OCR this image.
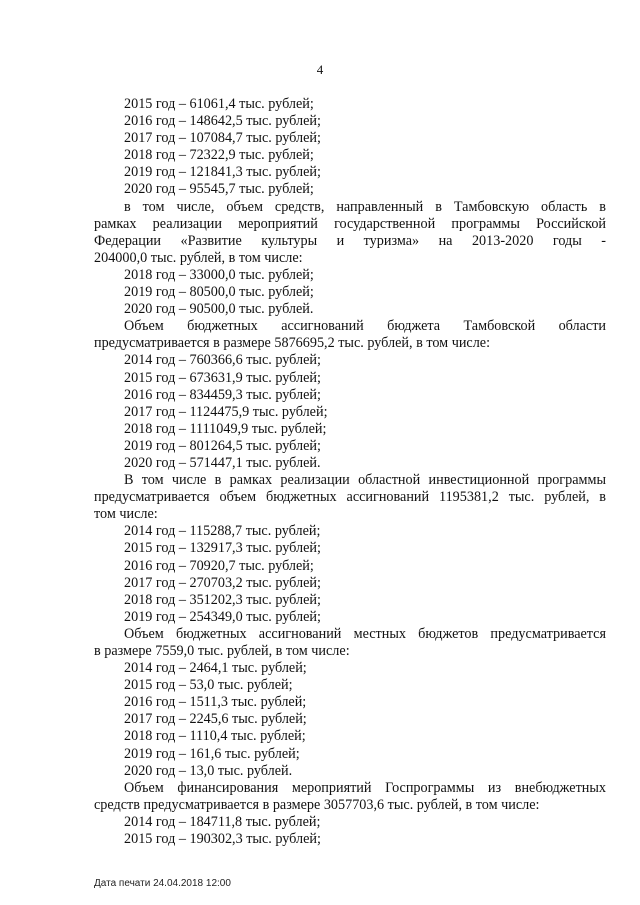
4
2015 год – 61061,4 тыс. рублей;
2016 год – 148642,5 тыс. рублей;
2017 год – 107084,7 тыс. рублей;
2018 год – 72322,9 тыс. рублей;
2019 год – 121841,3 тыс. рублей;
2020 год – 95545,7 тыс. рублей;
в том числе, объем средств, направленный в Тамбовскую область в
рамках реализации мероприятий государственной программы Российской
Федерации «Развитие культуры и туризма» на 2013-2020 годы -
204000,0 тыс. рублей, в том числе:
2018 год – 33000,0 тыс. рублей;
2019 год – 80500,0 тыс. рублей;
2020 год – 90500,0 тыс. рублей.
Объем бюджетных ассигнований бюджета Тамбовской области
предусматривается в размере 5876695,2 тыс. рублей, в том числе:
2014 год – 760366,6 тыс. рублей;
2015 год – 673631,9 тыс. рублей;
2016 год – 834459,3 тыс. рублей;
2017 год – 1124475,9 тыс. рублей;
2018 год – 1111049,9 тыс. рублей;
2019 год – 801264,5 тыс. рублей;
2020 год – 571447,1 тыс. рублей.
В том числе в рамках реализации областной инвестиционной программы
предусматривается объем бюджетных ассигнований 1195381,2 тыс. рублей, в
том числе:
2014 год – 115288,7 тыс. рублей;
2015 год – 132917,3 тыс. рублей;
2016 год – 70920,7 тыс. рублей;
2017 год – 270703,2 тыс. рублей;
2018 год – 351202,3 тыс. рублей;
2019 год – 254349,0 тыс. рублей;
Объем бюджетных ассигнований местных бюджетов предусматривается
в размере 7559,0 тыс. рублей, в том числе:
2014 год – 2464,1 тыс. рублей;
2015 год – 53,0 тыс. рублей;
2016 год – 1511,3 тыс. рублей;
2017 год – 2245,6 тыс. рублей;
2018 год – 1110,4 тыс. рублей;
2019 год – 161,6 тыс. рублей;
2020 год – 13,0 тыс. рублей.
Объем финансирования мероприятий Госпрограммы из внебюджетных
средств предусматривается в размере 3057703,6 тыс. рублей, в том числе:
2014 год – 184711,8 тыс. рублей;
2015 год – 190302,3 тыс. рублей;
Дата печати 24.04.2018 12:00
